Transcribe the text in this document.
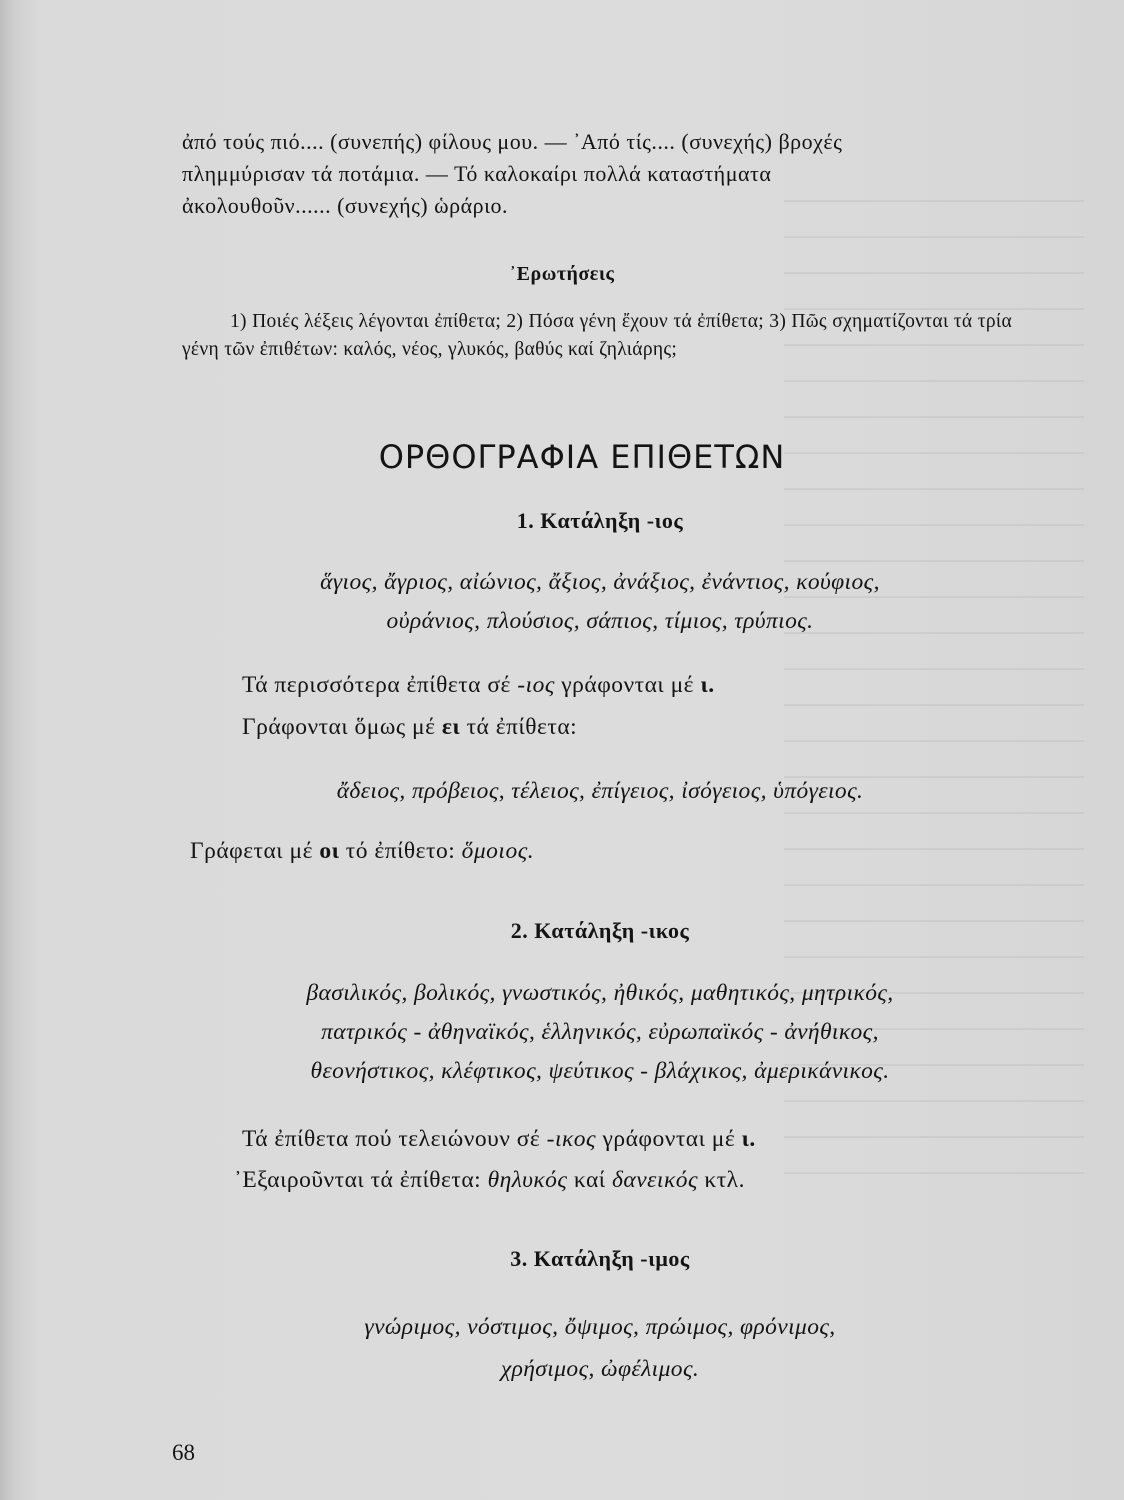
ἀπό τούς πιό.... (συνεπής) φίλους μου. — ᾿Από τίς.... (συνεχής) βροχές

πλημμύρισαν τά ποτάμια. — Τό καλοκαίρι πολλά καταστήματα

ἀκολουθοῦν...... (συνεχής) ὡράριο.

᾿Ερωτήσεις

1) Ποιές λέξεις λέγονται ἐπίθετα; 2) Πόσα γένη ἔχουν τά ἐπίθετα; 3) Πῶς σχηματίζονται τά τρία γένη τῶν ἐπιθέτων: καλός, νέος, γλυκός, βαθύς καί ζηλιάρης;

ΟΡΘΟΓΡΑΦΙΑ ΕΠΙΘΕΤΩΝ
1. Κατάληξη -ιος
ἅγιος, ἄγριος, αἰώνιος, ἄξιος, ἀνάξιος, ἐνάντιος, κούφιος,
οὐράνιος, πλούσιος, σάπιος, τίμιος, τρύπιος.
Τά περισσότερα ἐπίθετα σέ -ιος γράφονται μέ ι.
Γράφονται ὅμως μέ ει τά ἐπίθετα:
ἄδειος, πρόβειος, τέλειος, ἐπίγειος, ἰσόγειος, ὑπόγειος.
Γράφεται μέ οι τό ἐπίθετο: ὅμοιος.
2. Κατάληξη -ικος
βασιλικός, βολικός, γνωστικός, ἠθικός, μαθητικός, μητρικός,
πατρικός - ἀθηναϊκός, ἑλληνικός, εὐρωπαϊκός - ἀνήθικος,
θεονήστικος, κλέφτικος, ψεύτικος - βλάχικος, ἀμερικάνικος.
Τά ἐπίθετα πού τελειώνουν σέ -ικος γράφονται μέ ι.
᾿Εξαιροῦνται τά ἐπίθετα: θηλυκός καί δανεικός κτλ.
3. Κατάληξη -ιμος
γνώριμος, νόστιμος, ὄψιμος, πρώιμος, φρόνιμος,
χρήσιμος, ὠφέλιμος.
68
